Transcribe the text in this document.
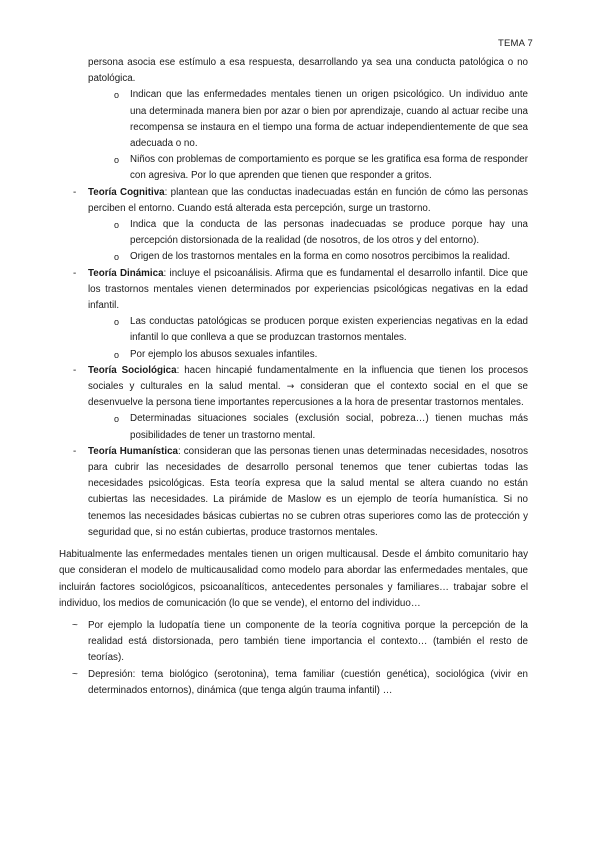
TEMA 7

persona asocia ese estímulo a esa respuesta, desarrollando ya sea una conducta patológica o no patológica.

o Indican que las enfermedades mentales tienen un origen psicológico. Un individuo ante una determinada manera bien por azar o bien por aprendizaje, cuando al actuar recibe una recompensa se instaura en el tiempo una forma de actuar independientemente de que sea adecuada o no.

o Niños con problemas de comportamiento es porque se les gratifica esa forma de responder con agresiva. Por lo que aprenden que tienen que responder a gritos.

- Teoría Cognitiva: plantean que las conductas inadecuadas están en función de cómo las personas perciben el entorno. Cuando está alterada esta percepción, surge un trastorno.

o Indica que la conducta de las personas inadecuadas se produce porque hay una percepción distorsionada de la realidad (de nosotros, de los otros y del entorno).

o Origen de los trastornos mentales en la forma en como nosotros percibimos la realidad.

- Teoría Dinámica: incluye el psicoanálisis. Afirma que es fundamental el desarrollo infantil. Dice que los trastornos mentales vienen determinados por experiencias psicológicas negativas en la edad infantil.

o Las conductas patológicas se producen porque existen experiencias negativas en la edad infantil lo que conlleva a que se produzcan trastornos mentales.

o Por ejemplo los abusos sexuales infantiles.

- Teoría Sociológica: hacen hincapié fundamentalmente en la influencia que tienen los procesos sociales y culturales en la salud mental. → consideran que el contexto social en el que se desenvuelve la persona tiene importantes repercusiones a la hora de presentar trastornos mentales.

o Determinadas situaciones sociales (exclusión social, pobreza…) tienen muchas más posibilidades de tener un trastorno mental.

- Teoría Humanística: consideran que las personas tienen unas determinadas necesidades, nosotros para cubrir las necesidades de desarrollo personal tenemos que tener cubiertas todas las necesidades psicológicas. Esta teoría expresa que la salud mental se altera cuando no están cubiertas las necesidades. La pirámide de Maslow es un ejemplo de teoría humanística. Si no tenemos las necesidades básicas cubiertas no se cubren otras superiores como las de protección y seguridad que, si no están cubiertas, produce trastornos mentales.

Habitualmente las enfermedades mentales tienen un origen multicausal. Desde el ámbito comunitario hay que consideran el modelo de multicausalidad como modelo para abordar las enfermedades mentales, que incluirán factores sociológicos, psicoanalíticos, antecedentes personales y familiares… trabajar sobre el individuo, los medios de comunicación (lo que se vende), el entorno del individuo…

~ Por ejemplo la ludopatía tiene un componente de la teoría cognitiva porque la percepción de la realidad está distorsionada, pero también tiene importancia el contexto… (también el resto de teorías).

~ Depresión: tema biológico (serotonina), tema familiar (cuestión genética), sociológica (vivir en determinados entornos), dinámica (que tenga algún trauma infantil) …
